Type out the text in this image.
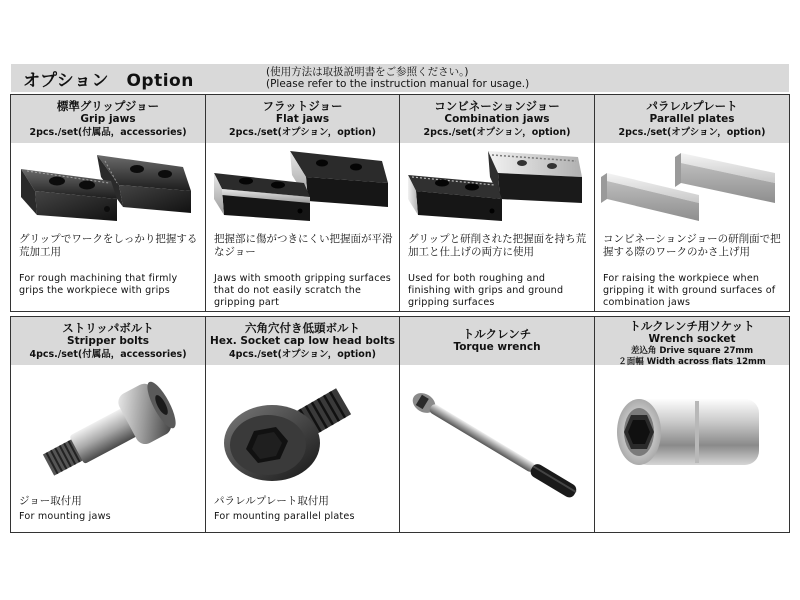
オプション　Option	(使用方法は取扱説明書をご参照ください。)
(Please refer to the instruction manual for usage.)
標準グリップジョー
Grip jaws
2pcs./set(付属品，accessories)
グリップでワークをしっかり把握する荒加工用
For rough machining that firmly grips the workpiece with grips
フラットジョー
Flat jaws
2pcs./set(オプション，option)
把握部に傷がつきにくい把握面が平滑なジョー
Jaws with smooth gripping surfaces that do not easily scratch the gripping part
コンビネーションジョー
Combination jaws
2pcs./set(オプション，option)
グリップと研削された把握面を持ち荒加工と仕上げの両方に使用
Used for both roughing and finishing with grips and ground gripping surfaces
パラレルプレート
Parallel plates
2pcs./set(オプション，option)
コンビネーションジョーの研削面で把握する際のワークのかさ上げ用
For raising the workpiece when gripping it with ground surfaces of combination jaws
ストリッパボルト
Stripper bolts
4pcs./set(付属品，accessories)
ジョー取付用
For mounting jaws
六角穴付き低頭ボルト
Hex. Socket cap low head bolts
4pcs./set(オプション，option)
パラレルプレート取付用
For mounting parallel plates
トルクレンチ
Torque wrench
トルクレンチ用ソケット
Wrench socket
差込角 Drive square 27mm
２面幅 Width across flats 12mm
